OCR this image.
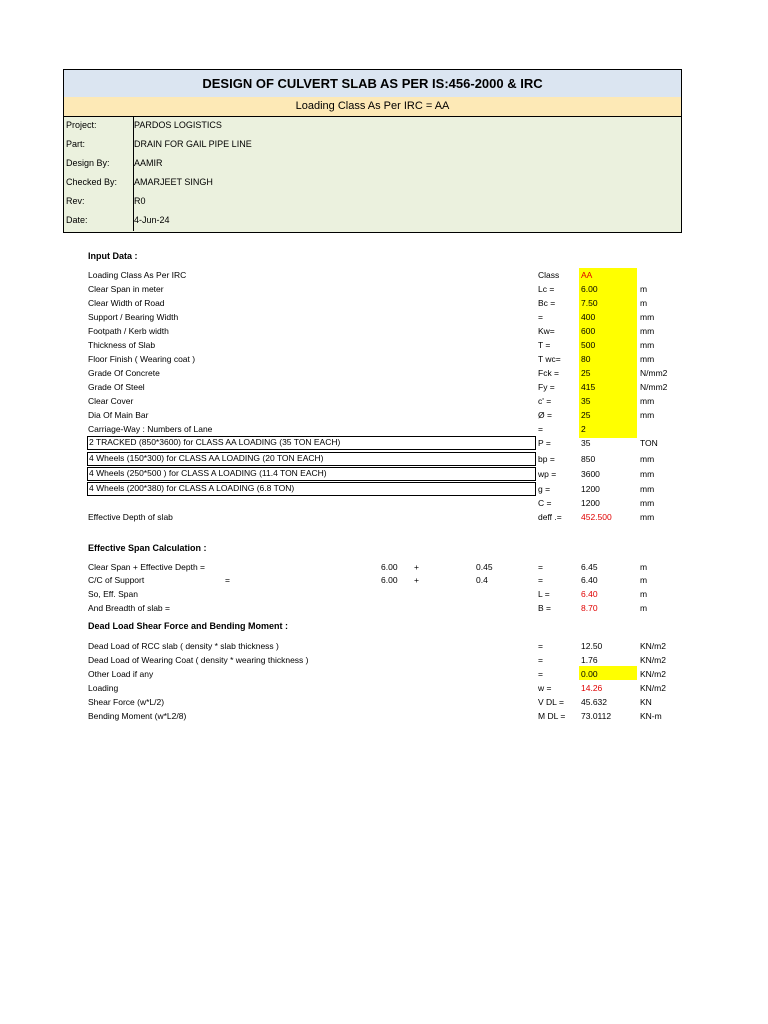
DESIGN OF CULVERT SLAB AS PER IS:456-2000 & IRC
Loading Class As Per IRC = AA
Project:	PARDOS LOGISTICS
Part:	DRAIN FOR GAIL PIPE LINE
Design By:	AAMIR
Checked By:	AMARJEET SINGH
Rev:	R0
Date:	4-Jun-24
Input Data :
Loading Class As Per IRC	Class	AA
Clear Span in meter	Lc =	6.00	m
Clear Width of Road	Bc =	7.50	m
Support / Bearing Width	=	400	mm
Footpath / Kerb width	Kw=	600	mm
Thickness of Slab	T =	500	mm
Floor Finish ( Wearing coat )	T wc= 80	mm
Grade Of Concrete	Fck =	25	N/mm2
Grade Of Steel	Fy =	415	N/mm2
Clear Cover	c' =	35	mm
Dia Of Main Bar	Ø =	25	mm
Carriage-Way : Numbers of Lane	=	2
2 TRACKED (850*3600) for CLASS AA LOADING (35 TON EACH)	P =	35	TON
4 Wheels (150*300) for CLASS AA LOADING (20 TON EACH)	bp =	850	mm
4 Wheels (250*500 ) for CLASS A LOADING (11.4 TON EACH)	wp =	3600	mm
4 Wheels (200*380) for CLASS A LOADING (6.8 TON)	g =	1200	mm
C =	1200	mm
Effective Depth of slab	deff .= 452.500	mm
Effective Span Calculation :
Clear Span + Effective Depth =	6.00 +	0.45	=	6.45	m
C/C of Support	=	6.00 +	0.4	=	6.40	m
So, Eff. Span	L =	6.40	m
And Breadth of slab =	B =	8.70	m
Dead Load Shear Force and Bending Moment :
Dead Load of RCC slab ( density * slab thickness )	=	12.50	KN/m2
Dead Load of Wearing Coat ( density * wearing thickness )	=	1.76	KN/m2
Other Load if any	=	0.00	KN/m2
Loading	w =	14.26	KN/m2
Shear Force (w*L/2)	V DL = 45.632	KN
Bending Moment (w*L2/8)	M DL = 73.0112	KN-m
